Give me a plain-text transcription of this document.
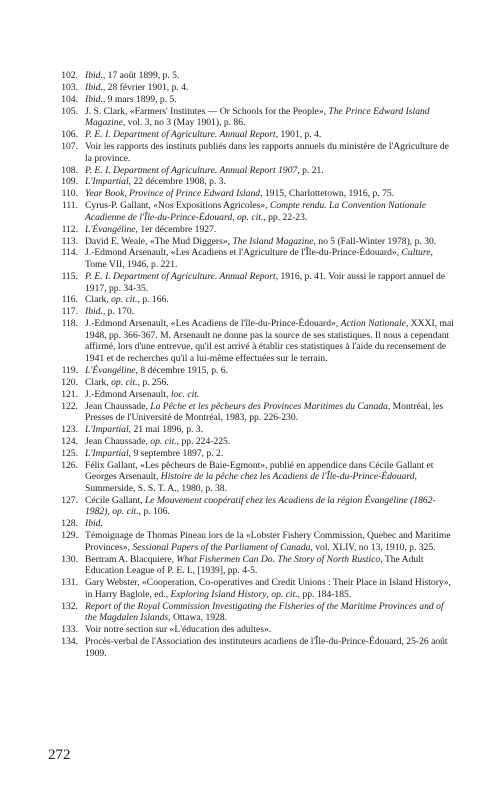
102. Ibid., 17 août 1899, p. 5.
103. Ibid., 28 février 1901, p. 4.
104. Ibid., 9 mars 1899, p. 5.
105. J. S. Clark, «Farmers' Institutes — Or Schools for the People», The Prince Edward Island Magazine, vol. 3, no 3 (May 1901), p. 86.
106. P. E. I. Department of Agriculture. Annual Report, 1901, p. 4.
107. Voir les rapports des instituts publiés dans les rapports annuels du ministère de l'Agriculture de la province.
108. P. E. I. Department of Agriculture. Annual Report 1907, p. 21.
109. L'Impartial, 22 décembre 1908, p. 3.
110. Year Book, Province of Prince Edward Island, 1915, Charlottetown, 1916, p. 75.
111. Cyrus-P. Gallant, «Nos Expositions Agricoles», Compte rendu. La Convention Nationale Acadienne de l'Île-du-Prince-Édouard, op. cit., pp. 22-23.
112. L'Évangéline, 1er décembre 1927.
113. David E. Weale, «The Mud Diggers», The Island Magazine, no 5 (Fall-Winter 1978), p. 30.
114. J.-Edmond Arsenault, «Les Acadiens et l'Agriculture de l'Île-du-Prince-Édouard», Culture, Tome VII, 1946, p. 221.
115. P. E. I. Department of Agriculture. Annual Report, 1916, p. 41. Voir aussi le rapport annuel de 1917, pp. 34-35.
116. Clark, op. cit., p. 166.
117. Ibid., p. 170.
118. J.-Edmond Arsenault, «Les Acadiens de l'île-du-Prince-Édouard», Action Nationale, XXXI, mai 1948, pp. 366-367. M. Arsenault ne donne pas la source de ses statistiques. Il nous a cependant affirmé, lors d'une entrevue, qu'il est arrivé à établir ces statistiques à l'aide du recensement de 1941 et de recherches qu'il a lui-même effectuées sur le terrain.
119. L'Évangéline, 8 décembre 1915, p. 6.
120. Clark, op. cit., p. 256.
121. J.-Edmond Arsenault, loc. cit.
122. Jean Chaussade, La Pêche et les pêcheurs des Provinces Maritimes du Canada, Montréal, les Presses de l'Université de Montréal, 1983, pp. 226-230.
123. L'Impartial, 21 mai 1896, p. 3.
124. Jean Chaussade, op. cit., pp. 224-225.
125. L'Impartial, 9 septembre 1897, p. 2.
126. Félix Gallant, «Les pêcheurs de Baie-Egmont», publié en appendice dans Cécile Gallant et Georges Arsenault, Histoire de la pêche chez les Acadiens de l'Île-du-Prince-Édouard, Summerside, S. S. T. A., 1980, p. 38.
127. Cécile Gallant, Le Mouvement coopératif chez les Acadiens de la région Évangéline (1862-1982), op. cit., p. 106.
128. Ibid.
129. Témoignage de Thomas Pineau lors de la «Lobster Fishery Commission, Quebec and Maritime Provinces», Sessional Papers of the Parliament of Canada, vol. XLIV, no 13, 1910, p. 325.
130. Bertram A. Blacquiere, What Fishermen Can Do. The Story of North Rustico, The Adult Education League of P. E. I., [1939], pp. 4-5.
131. Gary Webster, «Cooperation, Co-operatives and Credit Unions : Their Place in Island History», in Harry Baglole, ed., Exploring Island History, op. cit., pp. 184-185.
132. Report of the Royal Commission Investigating the Fisheries of the Maritime Provinces and of the Magdalen Islands, Ottawa, 1928.
133. Voir notre section sur «L'éducation des adultes».
134. Procès-verbal de l'Association des instituteurs acadiens de l'Île-du-Prince-Édouard, 25-26 août 1909.
272
